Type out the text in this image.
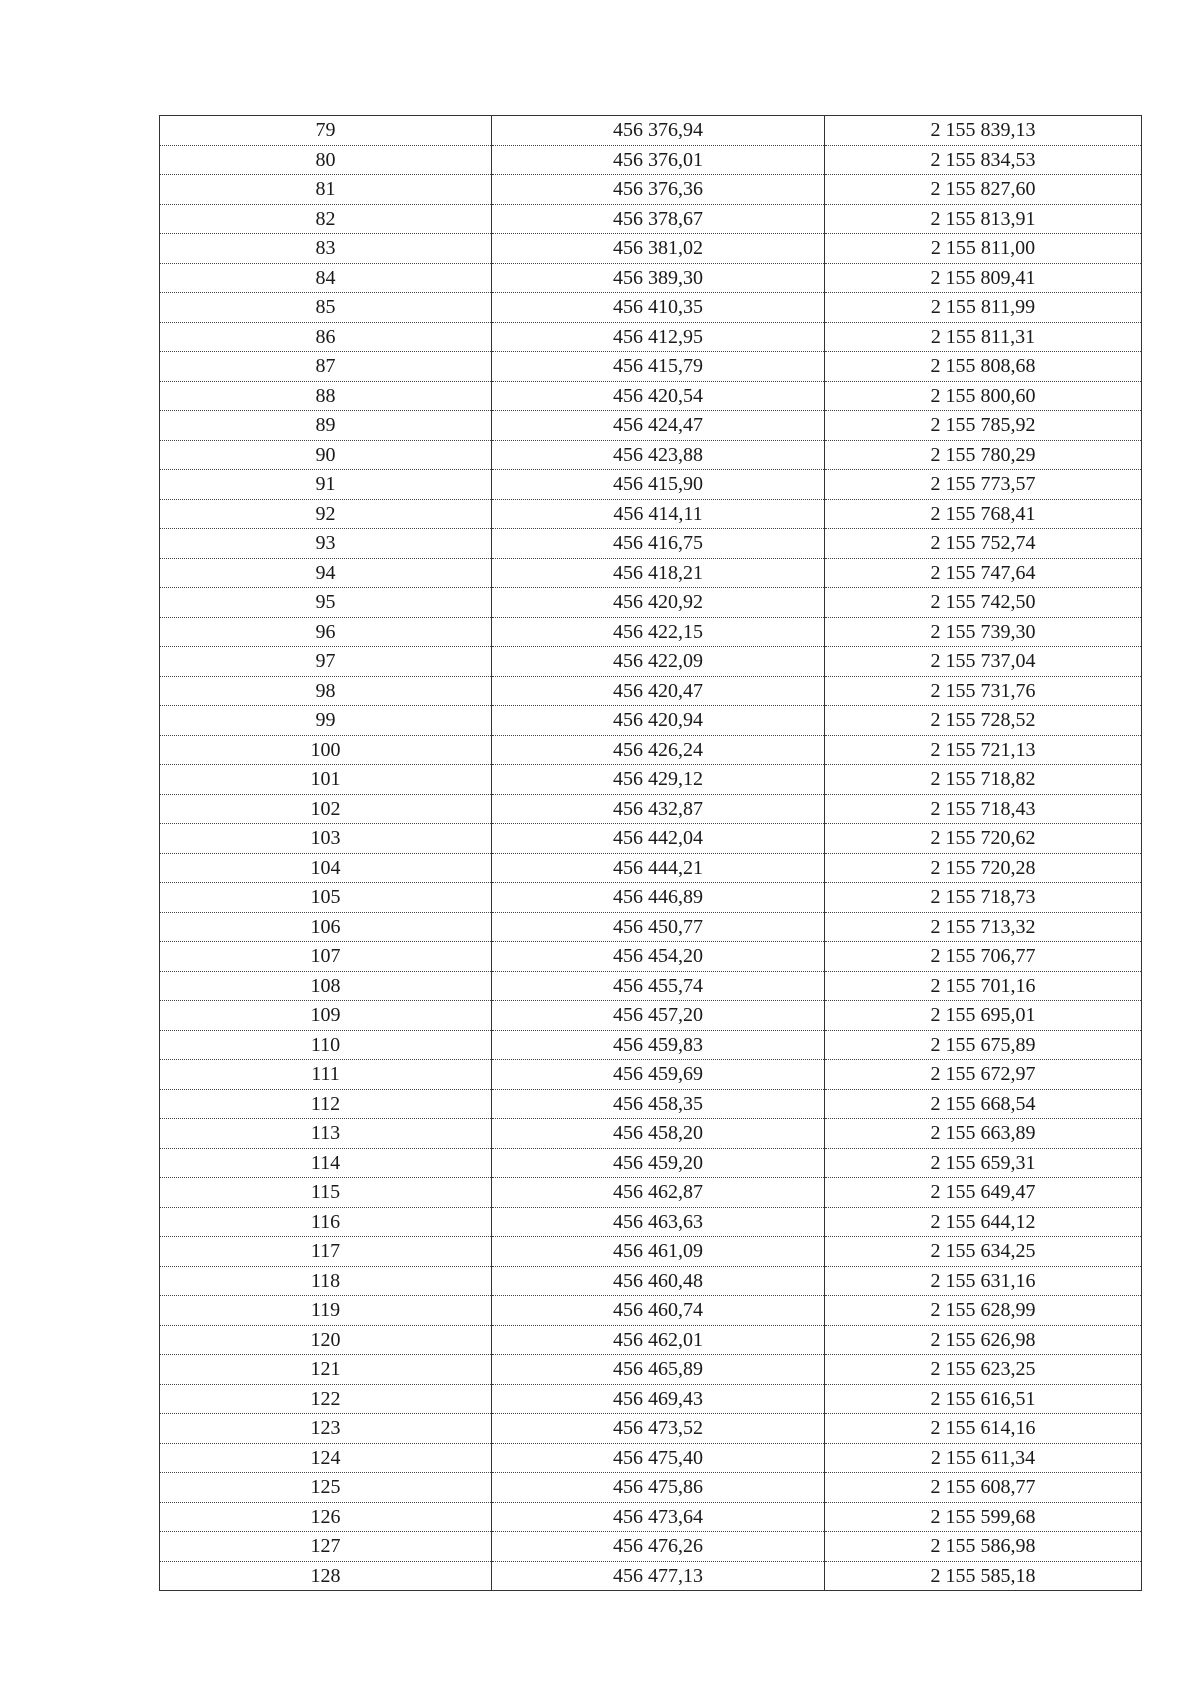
79	456 376,94	2 155 839,13
80	456 376,01	2 155 834,53
81	456 376,36	2 155 827,60
82	456 378,67	2 155 813,91
83	456 381,02	2 155 811,00
84	456 389,30	2 155 809,41
85	456 410,35	2 155 811,99
86	456 412,95	2 155 811,31
87	456 415,79	2 155 808,68
88	456 420,54	2 155 800,60
89	456 424,47	2 155 785,92
90	456 423,88	2 155 780,29
91	456 415,90	2 155 773,57
92	456 414,11	2 155 768,41
93	456 416,75	2 155 752,74
94	456 418,21	2 155 747,64
95	456 420,92	2 155 742,50
96	456 422,15	2 155 739,30
97	456 422,09	2 155 737,04
98	456 420,47	2 155 731,76
99	456 420,94	2 155 728,52
100	456 426,24	2 155 721,13
101	456 429,12	2 155 718,82
102	456 432,87	2 155 718,43
103	456 442,04	2 155 720,62
104	456 444,21	2 155 720,28
105	456 446,89	2 155 718,73
106	456 450,77	2 155 713,32
107	456 454,20	2 155 706,77
108	456 455,74	2 155 701,16
109	456 457,20	2 155 695,01
110	456 459,83	2 155 675,89
111	456 459,69	2 155 672,97
112	456 458,35	2 155 668,54
113	456 458,20	2 155 663,89
114	456 459,20	2 155 659,31
115	456 462,87	2 155 649,47
116	456 463,63	2 155 644,12
117	456 461,09	2 155 634,25
118	456 460,48	2 155 631,16
119	456 460,74	2 155 628,99
120	456 462,01	2 155 626,98
121	456 465,89	2 155 623,25
122	456 469,43	2 155 616,51
123	456 473,52	2 155 614,16
124	456 475,40	2 155 611,34
125	456 475,86	2 155 608,77
126	456 473,64	2 155 599,68
127	456 476,26	2 155 586,98
128	456 477,13	2 155 585,18
